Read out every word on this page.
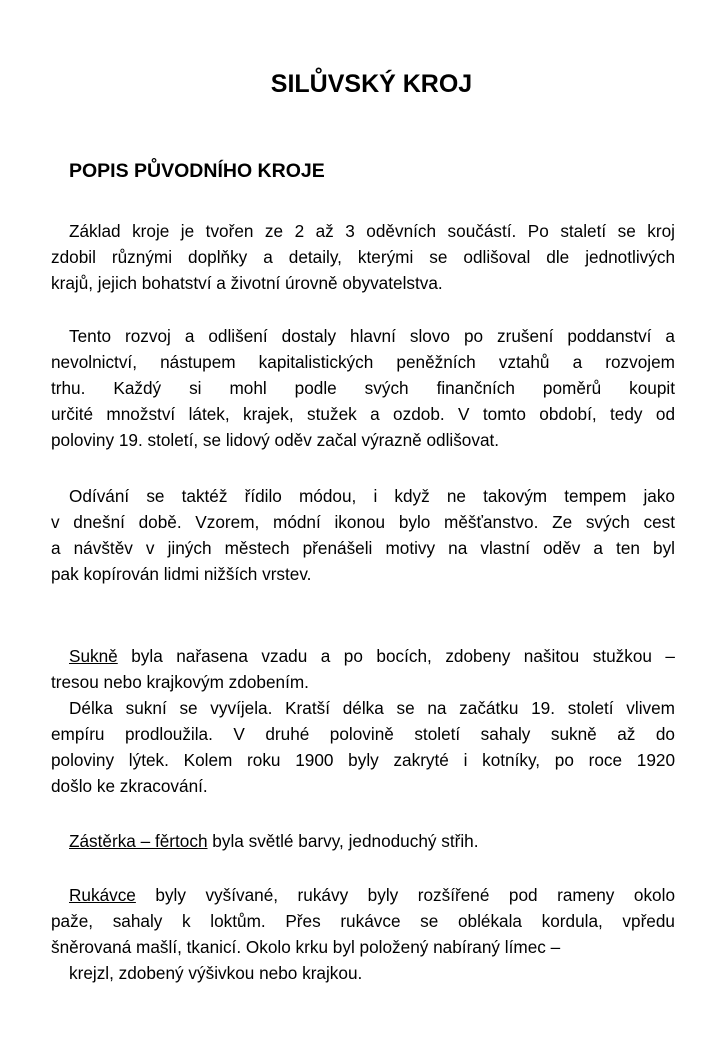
SILŮVSKÝ KROJ
POPIS PŮVODNÍHO KROJE
Základ kroje je tvořen ze 2 až 3 oděvních součástí. Po staletí se kroj
zdobil různými doplňky a detaily, kterými se odlišoval dle jednotlivých
krajů, jejich bohatství a životní úrovně obyvatelstva.
Tento rozvoj a odlišení dostaly hlavní slovo po zrušení poddanství a
nevolnictví, nástupem kapitalistických peněžních vztahů a rozvojem
trhu. Každý si mohl podle svých finančních poměrů koupit
určité množství látek, krajek, stužek a ozdob. V tomto období, tedy od
poloviny 19. století, se lidový oděv začal výrazně odlišovat.
Odívání se taktéž řídilo módou, i když ne takovým tempem jako
v dnešní době. Vzorem, módní ikonou bylo měšťanstvo. Ze svých cest
a návštěv v jiných městech přenášeli motivy na vlastní oděv a ten byl
pak kopírován lidmi nižších vrstev.
Sukně byla nařasena vzadu a po bocích, zdobeny našitou stužkou –
tresou nebo krajkovým zdobením.
Délka sukní se vyvíjela. Kratší délka se na začátku 19. století vlivem
empíru prodloužila. V druhé polovině století sahaly sukně až do
poloviny lýtek. Kolem roku 1900 byly zakryté i kotníky, po roce 1920
došlo ke zkracování.
Zástěrka – fěrtoch byla světlé barvy, jednoduchý střih.
Rukávce byly vyšívané, rukávy byly rozšířené pod rameny okolo
paže, sahaly k loktům. Přes rukávce se oblékala kordula, vpředu
šněrovaná mašlí, tkanicí. Okolo krku byl položený nabíraný límec –
krejzl, zdobený výšivkou nebo krajkou.
